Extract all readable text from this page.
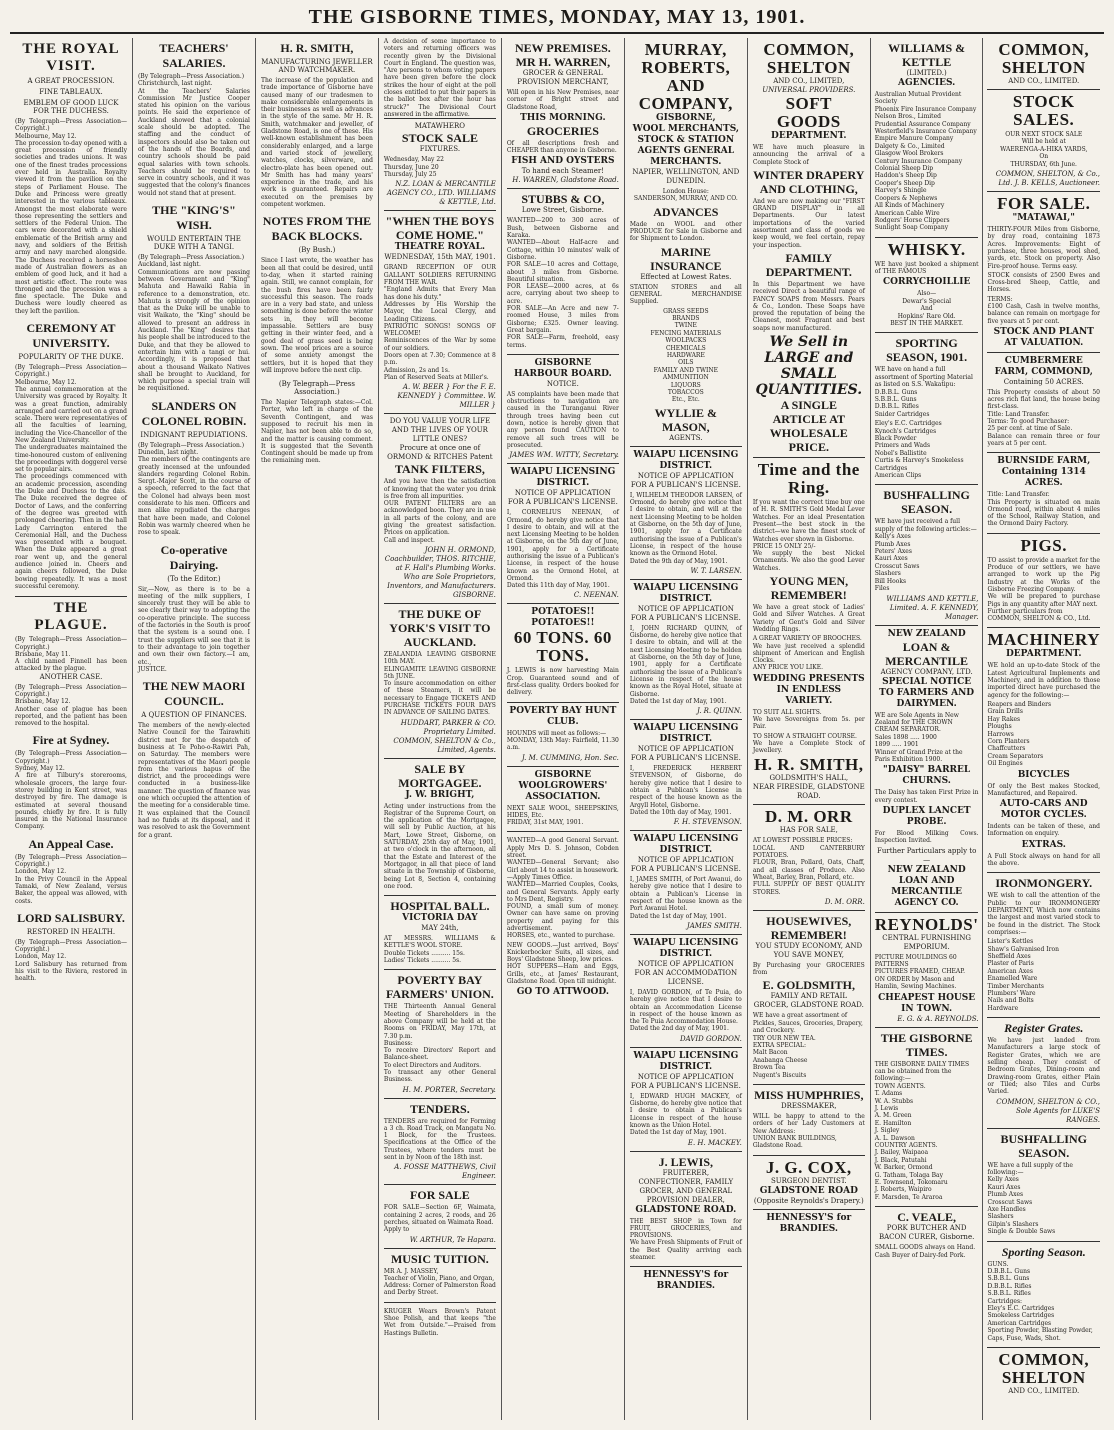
THE GISBORNE TIMES, MONDAY, MAY 13, 1901.
THE ROYAL VISIT.
A GREAT PROCESSION.
FINE TABLEAUX.
EMBLEM OF GOOD LUCK FOR THE DUCHESS.

(By Telegraph—Press Association—Copyright.)
Melbourne, May 12.
The procession to-day opened with a great procession of friendly societies and trades unions. It was one of the finest trades processions ever held in Australia. Royalty viewed it from the pavilion on the steps of Parliament House. The Duke and Princess were greatly interested in the various tableaux. Amongst the most elaborate were those representing the settlers and settlers of the Federal Union. The cars were decorated with a shield emblematic of the British army and navy, and soldiers of the British army and navy marched alongside. The Duchess received a horseshoe made of Australian flowers as an emblem of good luck, and it had a most artistic effect. The route was thronged and the procession was a fine spectacle. The Duke and Duchess were loudly cheered as they left the pavilion.

CEREMONY AT UNIVERSITY.
POPULARITY OF THE DUKE.

(By Telegraph—Press Association—Copyright.)
Melbourne, May 12.
The annual commemoration at the University was graced by Royalty. It was a great function, admirably arranged and carried out on a grand scale. There were representatives of all the faculties of learning, including the Vice-Chancellor of the New Zealand University.
The undergraduates maintained the time-honoured custom of enlivening the proceedings with doggerel verse set to popular airs.
The proceedings commenced with an academic procession, ascending the Duke and Duchess to the dais. The Duke received the degree of Doctor of Laws, and the conferring of the degree was greeted with prolonged cheering. Then in the hall Lady Carrington entered the Ceremonial Hall, and the Duchess was presented with a bouquet. When the Duke appeared a great roar went up, and the general audience joined in. Cheers and again cheers followed, the Duke bowing repeatedly. It was a most successful ceremony.

THE PLAGUE.

(By Telegraph—Press Association—Copyright.)
Brisbane, May 11.
A child named Finnell has been attacked by the plague.

ANOTHER CASE.

(By Telegraph—Press Association—Copyright.)
Brisbane, May 12.
Another case of plague has been reported, and the patient has been removed to the hospital.

Fire at Sydney.

(By Telegraph—Press Association—Copyright.)
Sydney, May 12.
A fire at Tilbury's storerooms, wholesale grocers, the large four-storey building in Kent street, was destroyed by fire. The damage is estimated at several thousand pounds, chiefly by fire. It is fully insured in the National Insurance Company.

An Appeal Case.

(By Telegraph—Press Association—Copyright.)
London, May 12.
In the Privy Council in the Appeal Tamaki, of New Zealand, versus Baker, the appeal was allowed, with costs.

LORD SALISBURY.
RESTORED IN HEALTH.

(By Telegraph—Press Association—Copyright.)
London, May 12.
Lord Salisbury has returned from his visit to the Riviera, restored in health.

TEACHERS' SALARIES.

(By Telegraph—Press Association.)
Christchurch, last night.
At the Teachers' Salaries Commission Mr Justice Cooper stated his opinion on the various points. He said the experience of Auckland showed that a colonial scale should be adopted. The staffing and the conduct of inspectors should also be taken out of the hands of the Boards, and country schools should be paid equal salaries with town schools. Teachers should be required to serve in country schools, and it was suggested that the colony's finances would not stand that at present.

THE "KING'S" WISH.
WOULD ENTERTAIN THE DUKE WITH A TANGI.

(By Telegraph—Press Association.)
Auckland, last night.
Communications are now passing between Government and "King" Mahuta and Hawaiki Rabia in reference to a demonstration, etc. Mahuta is strongly of the opinion that as the Duke will be unable to visit Waikato, the "King" should be allowed to present an address in Auckland. The "King" desires that his people shall be introduced to the Duke, and that they be allowed to entertain him with a tangi or hui. Accordingly, it is proposed that about a thousand Waikato Natives shall be brought to Auckland, for which purpose a special train will be requisitioned.

SLANDERS ON COLONEL ROBIN.
INDIGNANT REPUDIATIONS.

(By Telegraph—Press Association.)
Dunedin, last night.
The members of the contingents are greatly incensed at the unfounded slanders regarding Colonel Robin. Sergt.-Major Scott, in the course of a speech, referred to the fact that the Colonel had always been most considerate to his men. Officers and men alike repudiated the charges that have been made, and Colonel Robin was warmly cheered when he rose to speak.

Co-operative Dairying.
(To the Editor.)

Sir,—Now, as there is to be a meeting of the milk suppliers, I sincerely trust they will be able to see clearly their way to adopting the co-operative principle. The success of the factories in the South is proof that the system is a sound one. I trust the suppliers will see that it is to their advantage to join together and own their own factory.—I am, etc.,
JUSTICE.

THE NEW MAORI COUNCIL.
A QUESTION OF FINANCES.

The members of the newly-elected Native Council for the Tairawhiti district met for the despatch of business at Te Poho-o-Rawiri Pah, on Saturday. The members were representatives of the Maori people from the various hapus of the district, and the proceedings were conducted in a business-like manner. The question of finance was one which occupied the attention of the meeting for a considerable time. It was explained that the Council had no funds at its disposal, and it was resolved to ask the Government for a grant.

H. R. SMITH,
MANUFACTURING JEWELLER AND WATCHMAKER.

The increase of the population and trade importance of Gisborne have caused many of our tradesmen to make considerable enlargements in their businesses as well as advances in the style of the same. Mr H. R. Smith, watchmaker and jeweller, of Gladstone Road, is one of these. His well-known establishment has been considerably enlarged, and a large and varied stock of jewellery, watches, clocks, silverware, and electro-plate has been opened out. Mr Smith has had many years' experience in the trade, and his work is guaranteed. Repairs are executed on the premises by competent workmen.

NOTES FROM THE BACK BLOCKS.
(By Bush.)

Since I last wrote, the weather has been all that could be desired, until to-day, when it started raining again. Still, we cannot complain, for the bush fires have been fairly successful this season. The roads are in a very bad state, and unless something is done before the winter sets in, they will become impassable. Settlers are busy getting in their winter feed, and a good deal of grass seed is being sown. The wool prices are a source of some anxiety amongst the settlers, but it is hoped that they will improve before the next clip.

(By Telegraph—Press Association.)

The Napier Telegraph states:—Col. Porter, who left in charge of the Seventh Contingent, and was supposed to recruit his men in Napier, has not been able to do so, and the matter is causing comment. It is suggested that the Seventh Contingent should be made up from the remaining men.

A decision of some importance to voters and returning officers was recently given by the Divisional Court in England. The question was, "Are persons to whom voting papers have been given before the clock strikes the hour of eight at the poll closes entitled to put their papers in the ballot box after the hour has struck?" The Divisional Court answered in the affirmative.

MATAWHERO
STOCK SALE
FIXTURES.
Wednesday, May 22
Thursday, June 20
Thursday, July 25
N.Z. LOAN & MERCANTILE AGENCY CO., LTD. WILLIAMS & KETTLE, Ltd.
"WHEN THE BOYS COME HOME."
THEATRE ROYAL.
WEDNESDAY, 15th MAY, 1901.
GRAND RECEPTION OF OUR GALLANT SOLDIERS RETURNING FROM THE WAR.
"England Admits that Every Man has done his duty."
Addresses by His Worship the Mayor, the Local Clergy, and Leading Citizens.
PATRIOTIC SONGS! SONGS OF WELCOME!
Reminiscences of the War by some of our soldiers.
Doors open at 7.30; Commence at 8 p.m.
Admission, 2s and 1s.
Plan of Reserved Seats at Miller's.
A. W. BEER } For the F. E. KENNEDY } Committee. W. MILLER }
DO YOU VALUE YOUR LIFE AND THE LIVES OF YOUR LITTLE ONES?
Procure at once one of ORMOND & RITCHES Patent
TANK FILTERS,
And you have then the satisfaction of knowing that the water you drink is free from all impurities.
OUR PATENT FILTERS are an acknowledged boon. They are in use in all parts of the colony, and are giving the greatest satisfaction. Prices on application.
Call and inspect.
JOHN H. ORMOND, Coachbuilder, THOS. RITCHIE, at F. Hall's Plumbing Works. Who are Sole Proprietors, Inventors, and Manufacturers. GISBORNE.
THE DUKE OF YORK'S VISIT TO AUCKLAND.
ZEALANDIA LEAVING GISBORNE 10th MAY.
ELINGAMITE LEAVING GISBORNE 5th JUNE.
To insure accommodation on either of these Steamers, it will be necessary to Engage TICKETS AND PURCHASE TICKETS FOUR DAYS IN ADVANCE OF SAILING DATES.
HUDDART, PARKER & CO. Proprietary Limited. COMMON, SHELTON & Co., Limited, Agents.
SALE BY MORTGAGEE.
J. W. BRIGHT,
Acting under instructions from the Registrar of the Supreme Court, on the application of the Mortgagee, will sell by Public Auction, at his Mart, Lowe Street, Gisborne, on SATURDAY, 25th day of May, 1901, at two o'clock in the afternoon, all that the Estate and Interest of the Mortgagor, in all that piece of land situate in the Township of Gisborne, being Lot 8, Section 4, containing one rood.
HOSPITAL BALL.
VICTORIA DAY
MAY 24th,
AT MESSRS. WILLIAMS & KETTLE'S WOOL STORE.
Double Tickets .......... 15s.
Ladies' Tickets .......... 5s.
POVERTY BAY FARMERS' UNION.
THE Thirteenth Annual General Meeting of Shareholders in the above Company will be held at the Rooms on FRIDAY, May 17th, at 7.30 p.m.
Business:
To receive Directors' Report and Balance-sheet.
To elect Directors and Auditors.
To transact any other General Business.
H. M. PORTER, Secretary.
TENDERS.
TENDERS are required for Forming a 3 ch. Road Track, on Mangatu No. 1 Block, for the Trustees. Specifications at the Office of the Trustees, where tenders must be sent in by Noon of the 18th inst.
A. FOSSE MATTHEWS, Civil Engineer.
FOR SALE
FOR SALE—Section 6F, Waimata, containing 2 acres, 2 roods, and 26 perches, situated on Waimata Road.
Apply to
W. ARTHUR, Te Hapara.
MUSIC TUITION.
MR A. J. MASSEY,
Teacher of Violin, Piano, and Organ,
Address: Corner of Palmerston Road and Derby Street.
KRUGER Wears Brown's Patent Shoe Polish, and that keeps "the Wet from Outside."—Praised from Hastings Bulletin.
NEW PREMISES.
MR H. WARREN,
GROCER & GENERAL PROVISION MERCHANT,
Will open in his New Premises, near corner of Bright street and Gladstone Road,
THIS MORNING.
GROCERIES
Of all descriptions fresh and CHEAPER than anyone in Gisborne.
FISH AND OYSTERS
To hand each Steamer!
H. WARREN, Gladstone Road.
STUBBS & CO,
Lowe Street, Gisborne.
WANTED—200 to 300 acres of Bush, between Gisborne and Karaka.
WANTED—About Half-acre and Cottage, within 10 minutes' walk of Gisborne.
FOR SALE—10 acres and Cottage, about 3 miles from Gisborne. Beautiful situation.
FOR LEASE—2000 acres, at 6s acre, carrying about two sheep to acre.
FOR SALE—An Acre and new 7-roomed House, 3 miles from Gisborne; £325. Owner leaving. Great bargain.
FOR SALE—Farm, freehold, easy terms.
GISBORNE HARBOUR BOARD.
NOTICE.
AS complaints have been made that obstructions to navigation are caused in the Turanganui River through trees having been cut down, notice is hereby given that any person found CAUTION to remove all such trees will be prosecuted.
JAMES WM. WITTY, Secretary.
WAIAPU LICENSING DISTRICT.
NOTICE OF APPLICATION FOR A PUBLICAN'S LICENSE.
I, CORNELIUS NEENAN, of Ormond, do hereby give notice that I desire to obtain, and will at the next Licensing Meeting to be holden at Gisborne, on the 5th day of June, 1901, apply for a Certificate authorising the issue of a Publican's License, in respect of the house known as the Ormond Hotel, at Ormond.
Dated this 11th day of May, 1901.
C. NEENAN.
POTATOES!! POTATOES!!
60 TONS. 60 TONS.
J. LEWIS is now harvesting Main Crop. Guaranteed sound and of first-class quality. Orders booked for delivery.
POVERTY BAY HUNT CLUB.
HOUNDS will meet as follows:—
MONDAY, 13th May: Fairfield, 11.30 a.m.
J. M. CUMMING, Hon. Sec.
GISBORNE WOOLGROWERS' ASSOCIATION.
NEXT SALE WOOL, SHEEPSKINS, HIDES, Etc.
FRIDAY, 31st MAY, 1901.
WANTED—A good General Servant. Apply Mrs D. S. Johnson, Cobden street.
WANTED—General Servant; also Girl about 14 to assist in housework.—Apply Times Office.
WANTED—Married Couples, Cooks, and General Servants. Apply early to Mrs Dent, Registry.
FOUND, a small sum of money. Owner can have same on proving property and paying for this advertisement.
HORSES, etc., wanted to purchase.
NEW GOODS.—Just arrived, Boys' Knickerbocker Suits, all sizes, and Boys' Gladstone Sheep, low prices.
HOT SUPPERS—Ham and Eggs, Grills, etc., at James' Restaurant, Gladstone Road. Open till midnight.
GO TO ATTWOOD.
MURRAY, ROBERTS, AND COMPANY,
GISBORNE,
WOOL MERCHANTS, STOCK & STATION AGENTS GENERAL MERCHANTS.
NAPIER, WELLINGTON, AND DUNEDIN.
London House:
SANDERSON, MURRAY, AND CO.
ADVANCES
Made on WOOL and other PRODUCE for Sale in Gisborne and for Shipment to London.
MARINE INSURANCE
Effected at Lowest Rates.
STATION STORES and all GENERAL MERCHANDISE Supplied.
GRASS SEEDS
BRANDS
TWINE
FENCING MATERIALS
WOOLPACKS
CHEMICALS
HARDWARE
OILS
FAMILY AND TWINE
AMMUNITION
LIQUORS
TOBACCOS
Etc., Etc.
WYLLIE & MASON,
AGENTS.
WAIAPU LICENSING DISTRICT.
NOTICE OF APPLICATION FOR A PUBLICAN'S LICENSE.
I, WILHELM THEODOR LARSEN, of Ormond, do hereby give notice that I desire to obtain, and will at the next Licensing Meeting to be holden at Gisborne, on the 5th day of June, 1901, apply for a Certificate authorising the issue of a Publican's License, in respect of the house known as the Ormond Hotel.
Dated the 9th day of May, 1901.
W. T. LARSEN.
WAIAPU LICENSING DISTRICT.
NOTICE OF APPLICATION FOR A PUBLICAN'S LICENSE.
I, JOHN RICHARD QUINN, of Gisborne, do hereby give notice that I desire to obtain, and will at the next Licensing Meeting to be holden at Gisborne, on the 5th day of June, 1901, apply for a Certificate authorising the issue of a Publican's License in respect of the house known as the Royal Hotel, situate at Gisborne.
Dated the 1st day of May, 1901.
J. R. QUINN.
WAIAPU LICENSING DISTRICT.
NOTICE OF APPLICATION FOR A PUBLICAN'S LICENSE.
I, FREDERICK HERBERT STEVENSON, of Gisborne, do hereby give notice that I desire to obtain a Publican's License in respect of the house known as the Argyll Hotel, Gisborne.
Dated the 10th day of May, 1901.
F. H. STEVENSON.
WAIAPU LICENSING DISTRICT.
NOTICE OF APPLICATION FOR A PUBLICAN'S LICENSE.
I, JAMES SMITH, of Port Awanui, do hereby give notice that I desire to obtain a Publican's License in respect of the house known as the Port Awanui Hotel.
Dated the 1st day of May, 1901.
JAMES SMITH.
WAIAPU LICENSING DISTRICT.
NOTICE OF APPLICATION FOR AN ACCOMMODATION LICENSE.
I, DAVID GORDON, of Te Puia, do hereby give notice that I desire to obtain an Accommodation License in respect of the house known as the Te Puia Accommodation House.
Dated the 2nd day of May, 1901.
DAVID GORDON.
WAIAPU LICENSING DISTRICT.
NOTICE OF APPLICATION FOR A PUBLICAN'S LICENSE.
I, EDWARD HUGH MACKEY, of Gisborne, do hereby give notice that I desire to obtain a Publican's License in respect of the house known as the Union Hotel.
Dated the 1st day of May, 1901.
E. H. MACKEY.
J. LEWIS,
FRUITERER, CONFECTIONER, FAMILY GROCER, AND GENERAL PROVISION DEALER,
GLADSTONE ROAD.
THE BEST SHOP in Town for FRUIT, GROCERIES, and PROVISIONS.
We have Fresh Shipments of Fruit of the Best Quality arriving each steamer.
HENNESSY'S for BRANDIES.
COMMON, SHELTON
AND CO., LIMITED,
UNIVERSAL PROVIDERS.
SOFT GOODS
DEPARTMENT.
WE have much pleasure in announcing the arrival of a Complete Stock of
WINTER DRAPERY AND CLOTHING,
And we are now making our "FIRST GRAND DISPLAY" in all Departments. Our latest importations of the varied assortment and class of goods we keep would, we feel certain, repay your inspection.
FAMILY DEPARTMENT.
In this Department we have received Direct a beautiful range of FANCY SOAPS from Messrs. Pears & Co., London. These Soaps have proved the reputation of being the Cleanest, most Fragrant and best soaps now manufactured.
We Sell in LARGE and SMALL QUANTITIES.
A SINGLE ARTICLE AT WHOLESALE PRICE.
Time and the Ring.
If you want the correct time buy one of H. R. SMITH'S Gold Medal Lever Watches. For an ideal Presentation Present—the best stock in the district—we have the finest stock of Watches ever shown in Gisborne.
PRICE 15 ONLY 25/-
We supply the best Nickel Ornaments. We also the good Lever Watches.
YOUNG MEN, REMEMBER!
We have a great stock of Ladies' Gold and Silver Watches. A Great Variety of Gent's Gold and Silver Wedding Rings.
A GREAT VARIETY OF BROOCHES.
We have just received a splendid shipment of American and English Clocks.
ANY PRICE YOU LIKE.
WEDDING PRESENTS IN ENDLESS VARIETY.
TO SUIT ALL SIGHTS.
We have Sovereigns from 5s. per Pair.
TO SHOW A STRAIGHT COURSE.
We have a Complete Stock of Jewellery.
H. R. SMITH,
GOLDSMITH'S HALL,
NEAR FIRESIDE, GLADSTONE ROAD.
D. M. ORR
HAS FOR SALE,
AT LOWEST POSSIBLE PRICES:
LOCAL AND CANTERBURY POTATOES.
FLOUR, Bran, Pollard, Oats, Chaff, and all classes of Produce. Also Wheat, Barley, Bran, Pollard, etc.
FULL SUPPLY OF BEST QUALITY STORES.
D. M. ORR.
HOUSEWIVES, REMEMBER!
YOU STUDY ECONOMY, AND YOU SAVE MONEY,
By Purchasing your GROCERIES from
E. GOLDSMITH,
FAMILY AND RETAIL GROCER, GLADSTONE ROAD.
WE have a great assortment of Pickles, Sauces, Groceries, Drapery, and Crockery.
TRY OUR NEW TEA.
EXTRA SPECIAL:
Malt Bacon
Anabanga Cheese
Brown Tea
Nugent's Biscuits
MISS HUMPHRIES,
DRESSMAKER,
WILL be happy to attend to the orders of her Lady Customers at New Address:
UNION BANK BUILDINGS,
Gladstone Road.
J. G. COX,
SURGEON DENTIST.
GLADSTONE ROAD
(Opposite Reynolds's Drapery.)
HENNESSY'S for BRANDIES.
WILLIAMS & KETTLE
(LIMITED.)
AGENCIES.
Australian Mutual Provident Society
Phoenix Fire Insurance Company
Nelson Bros., Limited
Prudential Assurance Company
Westerfield's Insurance Company
Empire Manure Company
Dalgety & Co., Limited
Glasgow Wool Brokers
Century Insurance Company
Colonial Sheep Dip
Haddon's Sheep Dip
Cooper's Sheep Dip
Harvey's Shingle
Coopers & Nephews
All Kinds of Machinery
American Cable Wire
Rodgers' Horse Clippers
Sunlight Soap Company
WHISKY.
WE have just booked a shipment of THE FAMOUS
CORRYCHOILLIE
Also—
Dewar's Special
And
Hopkins' Rare Old.
BEST IN THE MARKET.
SPORTING SEASON, 1901.
WE have on hand a full assortment of Sporting Material as listed on S.S. Wakatipu:
D.B.B.L. Guns
S.B.B.L. Guns
D.B.B.L. Rifles
Snider Cartridges
Eley's E.C. Cartridges
Kynoch's Cartridges
Black Powder
Primers and Wads
Nobel's Ballistite
Curtis & Harvey's Smokeless Cartridges
American Clips
BUSHFALLING SEASON.
WE have just received a full supply of the following articles:—
Kelly's Axes
Plumb Axes
Peters' Axes
Kauri Axes
Crosscut Saws
Slashers
Bill Hooks
Files
WILLIAMS AND KETTLE, Limited. A. F. KENNEDY, Manager.
NEW ZEALAND
LOAN & MERCANTILE
AGENCY COMPANY, LTD.
SPECIAL NOTICE TO FARMERS AND DAIRYMEN.
WE are Sole Agents in New Zealand for THE CROWN CREAM SEPARATOR.
Sales 1898 ..... 1900
1899 ..... 1901
Winner of Grand Prize at the Paris Exhibition 1900.
"DAISY" BARREL CHURNS.
The Daisy has taken First Prize in every contest.
DUPLEX LANCET PROBE.
For Blood Milking Cows. Inspection Invited.
Further Particulars apply to—
NEW ZEALAND LOAN AND MERCANTILE AGENCY CO.
REYNOLDS'
CENTRAL FURNISHING EMPORIUM.
PICTURE MOULDINGS 60 PATTERNS
PICTURES FRAMED, CHEAP.
ON ORDER by Mason and Hamlin, Sewing Machines.
CHEAPEST HOUSE IN TOWN.
E. G. & A. REYNOLDS.
THE GISBORNE TIMES.
THE GISBORNE DAILY TIMES can be obtained from the following:—
TOWN AGENTS.
T. Adams
W. A. Stubbs
J. Lewis
A. M. Green
E. Hamilton
J. Sigley
A. L. Dawson
COUNTRY AGENTS.
J. Bailey, Waipaoa
J. Black, Patutahi
W. Barker, Ormond
G. Tatham, Tolaga Bay
E. Townsend, Tokomaru
J. Roberts, Waipiro
F. Marsden, Te Araroa
C. VEALE,
PORK BUTCHER AND BACON CURER, Gisborne.
SMALL GOODS always on Hand.
Cash Buyer of Dairy-fed Pork.
COMMON, SHELTON
AND CO., LIMITED.
STOCK SALES.
OUR NEXT STOCK SALE
Will be held at
WAERENGA-A-HIKA YARDS,
On
THURSDAY, 6th June.
COMMON, SHELTON, & Co., Ltd. J. B. KELLS, Auctioneer.
FOR SALE.
"MATAWAI,"
THIRTY-FOUR Miles from Gisborne, by dray road, containing 1873 Acres. Improvements: Eight of purchase, three houses, wool shed, yards, etc. Stock on property. Also Fire-proof house. Terms easy.
STOCK consists of 2500 Ewes and Cross-bred Sheep, Cattle, and Horses.
TERMS:
£100 Cash, Cash in twelve months, balance can remain on mortgage for five years at 5 per cent.
STOCK AND PLANT AT VALUATION.
CUMBERMERE FARM, COMMOND,
Containing 50 ACRES.
This Property consists of about 50 acres rich flat land, the house being first-class.
Title: Land Transfer.
Terms: To good Purchaser:
25 per cent. at time of Sale.
Balance can remain three or four years at 5 per cent.
BURNSIDE FARM, Containing 1314 ACRES.
Title: Land Transfer.
This Property is situated on main Ormond road, within about 4 miles of the School, Railway Station, and the Ormond Dairy Factory.
PIGS.
TO assist to provide a market for the Produce of our settlers, we have arranged to work up the Pig Industry at the Works of the Gisborne Freezing Company.
We will be prepared to purchase Pigs in any quantity after MAY next.
Further particulars from
COMMON, SHELTON & CO., Ltd.
MACHINERY
DEPARTMENT.
WE hold an up-to-date Stock of the Latest Agricultural Implements and Machinery, and in addition to those imported direct have purchased the agency for the following:—
Reapers and Binders
Grain Drills
Hay Rakes
Ploughs
Harrows
Corn Planters
Chaffcutters
Cream Separators
Oil Engines
BICYCLES
Of only the Best makes Stocked, Manufactured, and Repaired.
AUTO-CARS AND MOTOR CYCLES.
Indents can be taken of these, and Information on enquiry.
EXTRAS.
A Full Stock always on hand for all the above.
IRONMONGERY.
WE wish to call the attention of the Public to our IRONMONGERY DEPARTMENT, Which now contains the largest and most varied stock to be found in the district. The Stock comprises:—
Lister's Kettles
Shaw's Galvanised Iron
Sheffield Axes
Plaster of Paris
American Axes
Enamelled Ware
Timber Merchants
Plumbers' Ware
Nails and Bolts
Hardware
Register Grates.
We have just landed from Manufacturers a large stock of Register Grates, which we are selling cheap. They consist of Bedroom Grates, Dining-room and Drawing-room Grates, either Plain or Tiled; also Tiles and Curbs Varied.
COMMON, SHELTON & CO., Sole Agents for LUKE'S RANGES.
BUSHFALLING SEASON.
WE have a full supply of the following:—
Kelly Axes
Kauri Axes
Plumb Axes
Crosscut Saws
Axe Handles
Slashers
Gilpin's Slashers
Single & Double Saws
Sporting Season.
GUNS.
D.B.B.L. Guns
S.B.B.L. Guns
D.B.B.L. Rifles
S.B.B.L. Rifles
Cartridges:
Eley's E.C. Cartridges
Smokeless Cartridges
American Cartridges
Sporting Powder, Blasting Powder, Caps, Fuse, Wads, Shot.
COMMON, SHELTON
AND CO., LIMITED.
